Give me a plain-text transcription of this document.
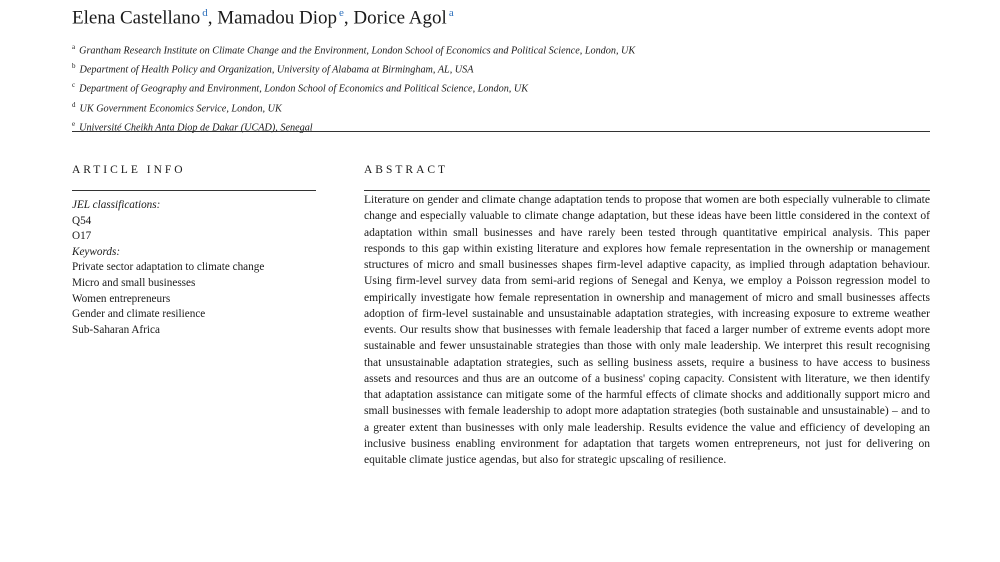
Elena Castellano $^d$, Mamadou Diop $^e$, Dorice Agol $^a$
$^a$ Grantham Research Institute on Climate Change and the Environment, London School of Economics and Political Science, London, UK
$^b$ Department of Health Policy and Organization, University of Alabama at Birmingham, AL, USA
$^c$ Department of Geography and Environment, London School of Economics and Political Science, London, UK
$^d$ UK Government Economics Service, London, UK
$^e$ Université Cheikh Anta Diop de Dakar (UCAD), Senegal
ARTICLE INFO	ABSTRACT
JEL classifications:
Q54
O17
Keywords:
Private sector adaptation to climate change
Micro and small businesses
Women entrepreneurs
Gender and climate resilience
Sub-Saharan Africa
Literature on gender and climate change adaptation tends to propose that women are both especially vulnerable to climate change and especially valuable to climate change adaptation, but these ideas have been little considered in the context of adaptation within small businesses and have rarely been tested through quantitative empirical analysis. This paper responds to this gap within existing literature and explores how female representation in the ownership or management structures of micro and small businesses shapes firm-level adaptive capacity, as implied through adaptation behaviour. Using firm-level survey data from semi-arid regions of Senegal and Kenya, we employ a Poisson regression model to empirically investigate how female representation in ownership and management of micro and small businesses affects adoption of firm-level sustainable and unsustainable adaptation strategies, with increasing exposure to extreme weather events. Our results show that businesses with female leadership that faced a larger number of extreme events adopt more sustainable and fewer unsustainable strategies than those with only male leadership. We interpret this result recognising that unsustainable adaptation strategies, such as selling business assets, require a business to have access to business assets and resources and thus are an outcome of a business' coping capacity. Consistent with literature, we then identify that adaptation assistance can mitigate some of the harmful effects of climate shocks and additionally support micro and small businesses with female leadership to adopt more adaptation strategies (both sustainable and unsustainable) – and to a greater extent than businesses with only male leadership. Results evidence the value and efficiency of developing an inclusive business enabling environment for adaptation that targets women entrepreneurs, not just for delivering on equitable climate justice agendas, but also for strategic upscaling of resilience.
